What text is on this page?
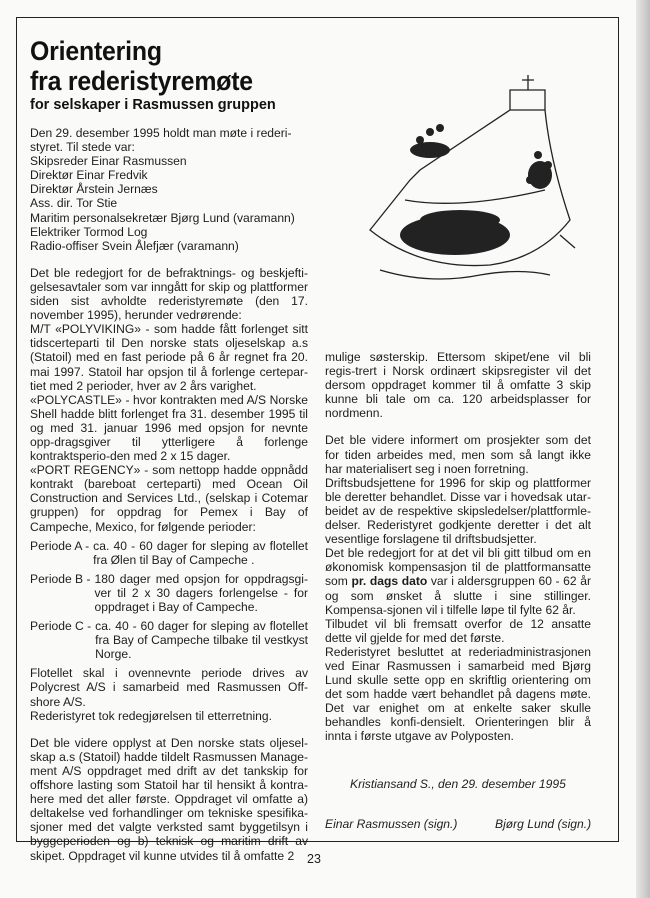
Orientering
fra rederistyremøte
for selskaper i Rasmussen gruppen
Den 29. desember 1995 holdt man møte i rederi-
styret. Til stede var:
Skipsreder Einar Rasmussen
Direktør Einar Fredvik
Direktør Årstein Jernæs
Ass. dir. Tor Stie
Maritim personalsekretær Bjørg Lund (varamann)
Elektriker Tormod Log
Radio-offiser Svein Ålefjær (varamann)

Det ble redegjort for de befraktnings- og beskjefti-gelsesavtaler som var inngått for skip og plattformer siden sist avholdte rederistyremøte (den 17. november 1995), herunder vedrørende:

M/T «POLYVIKING» - som hadde fått forlenget sitt tidscerteparti til Den norske stats oljeselskap a.s (Statoil) med en fast periode på 6 år regnet fra 20. mai 1997. Statoil har opsjon til å forlenge certepar-tiet med 2 perioder, hver av 2 års varighet.

«POLYCASTLE» - hvor kontrakten med A/S Norske Shell hadde blitt forlenget fra 31. desember 1995 til og med 31. januar 1996 med opsjon for nevnte opp-dragsgiver til ytterligere å forlenge kontraktsperio-den med 2 x 15 dager.

«PORT REGENCY» - som nettopp hadde oppnådd kontrakt (bareboat certeparti) med Ocean Oil Construction and Services Ltd., (selskap i Cotemar gruppen) for oppdrag for Pemex i Bay of Campeche, Mexico, for følgende perioder:

Periode A - ca. 40 - 60 dager for sleping av flotellet fra Ølen til Bay of Campeche .
Periode B - 180 dager med opsjon for oppdragsgi-ver til 2 x 30 dagers forlengelse - for oppdraget i Bay of Campeche.
Periode C - ca. 40 - 60 dager for sleping av flotellet fra Bay of Campeche tilbake til vestkyst Norge.

Flotellet skal i ovennevnte periode drives av Polycrest A/S i samarbeid med Rasmussen Off-shore A/S.

Rederistyret tok redegjørelsen til etterretning.

Det ble videre opplyst at Den norske stats oljesel-skap a.s (Statoil) hadde tildelt Rasmussen Manage-ment A/S oppdraget med drift av det tankskip for offshore lasting som Statoil har til hensikt å kontra-here med det aller første. Oppdraget vil omfatte a) deltakelse ved forhandlinger om tekniske spesifika-sjoner med det valgte verksted samt byggetilsyn i byggeperioden og b) teknisk og maritim drift av skipet. Oppdraget vil kunne utvides til å omfatte 2

mulige søsterskip. Ettersom skipet/ene vil bli regis-trert i Norsk ordinært skipsregister vil det dersom oppdraget kommer til å omfatte 3 skip kunne bli tale om ca. 120 arbeidsplasser for nordmenn.

Det ble videre informert om prosjekter som det for tiden arbeides med, men som så langt ikke har materialisert seg i noen forretning.

Driftsbudsjettene for 1996 for skip og plattformer ble deretter behandlet. Disse var i hovedsak utar-beidet av de respektive skipsledelser/plattformle-delser. Rederistyret godkjente deretter i det alt vesentlige forslagene til driftsbudsjetter.

Det ble redegjort for at det vil bli gitt tilbud om en økonomisk kompensasjon til de plattformansatte som pr. dags dato var i aldersgruppen 60 - 62 år og som ønsket å slutte i sine stillinger. Kompensa-sjonen vil i tilfelle løpe til fylte 62 år.

Tilbudet vil bli fremsatt overfor de 12 ansatte dette vil gjelde for med det første.

Rederistyret besluttet at rederiadministrasjonen ved Einar Rasmussen i samarbeid med Bjørg Lund skulle sette opp en skriftlig orientering om det som hadde vært behandlet på dagens møte. Det var enighet om at enkelte saker skulle behandles konfi-densielt. Orienteringen blir å innta i første utgave av Polyposten.

Kristiansand S., den 29. desember 1995
Einar Rasmussen (sign.)	Bjørg Lund (sign.)
23
